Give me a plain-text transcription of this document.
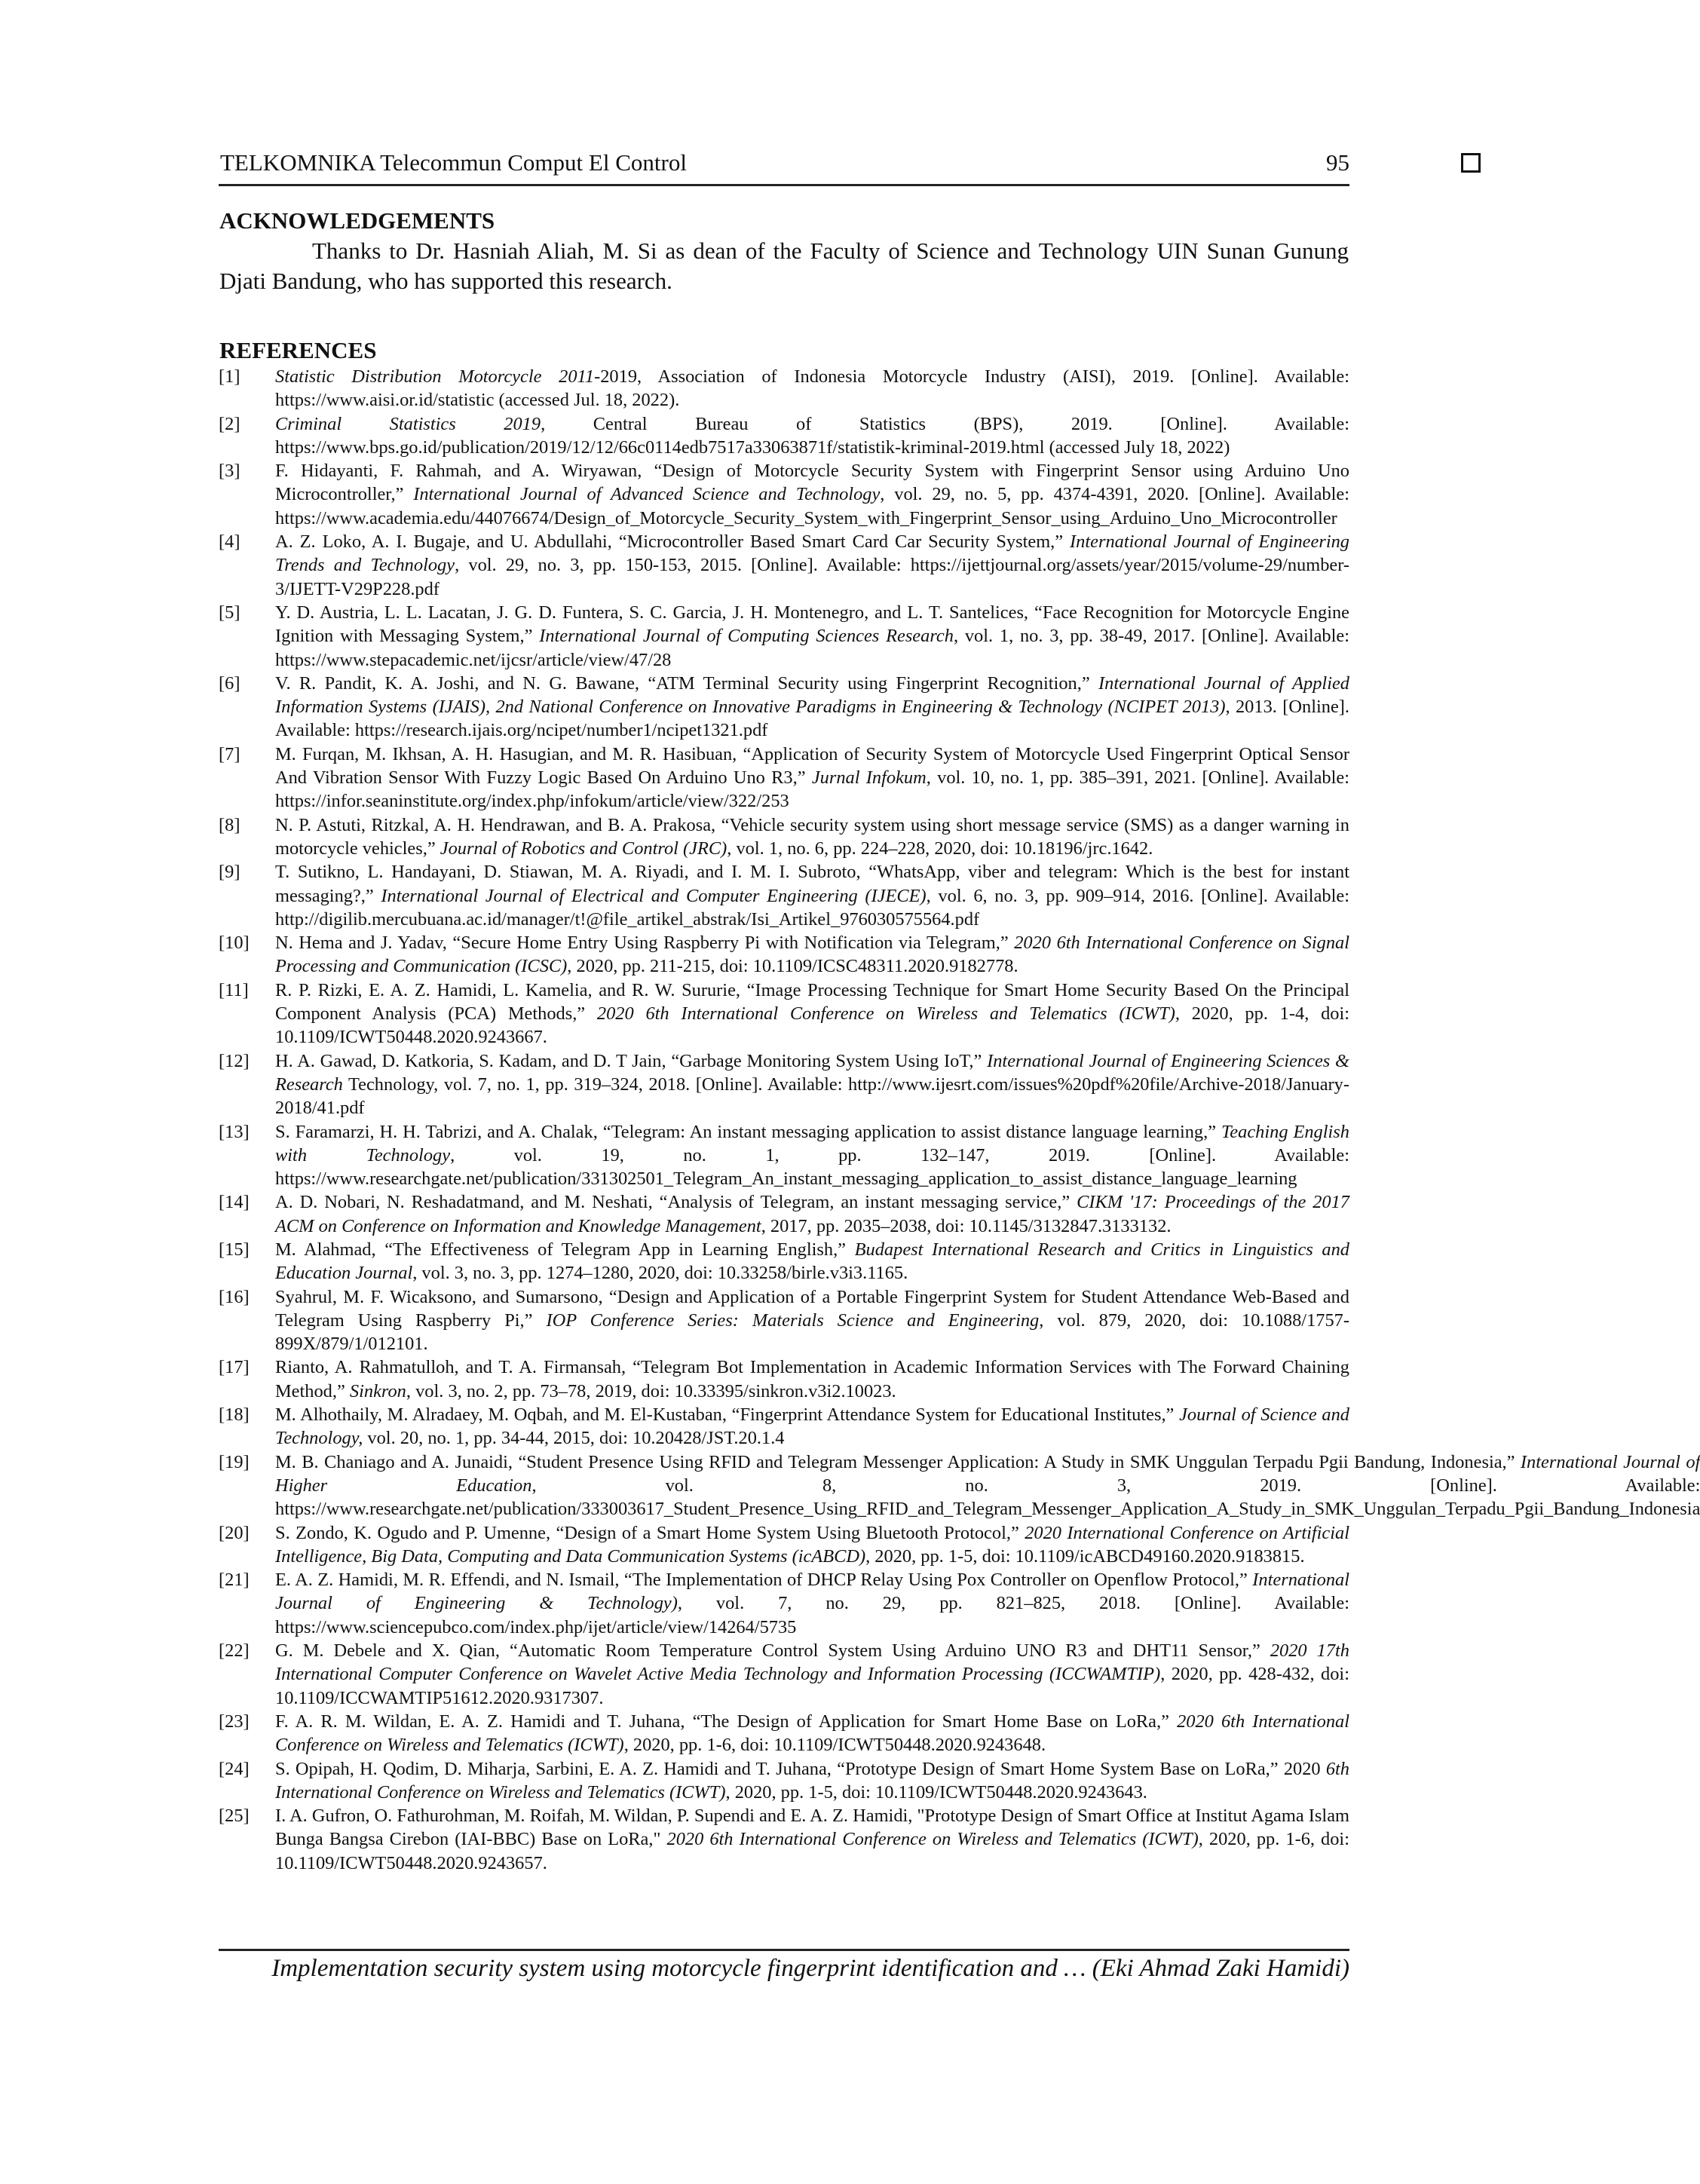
TELKOMNIKA Telecommun Comput El Control	95
ACKNOWLEDGEMENTS
Thanks to Dr. Hasniah Aliah, M. Si as dean of the Faculty of Science and Technology UIN Sunan Gunung Djati Bandung, who has supported this research.
REFERENCES
[1]	Statistic Distribution Motorcycle 2011-2019, Association of Indonesia Motorcycle Industry (AISI), 2019. [Online]. Available: https://www.aisi.or.id/statistic (accessed Jul. 18, 2022).
[2]	Criminal Statistics 2019, Central Bureau of Statistics (BPS), 2019. [Online]. Available: https://www.bps.go.id/publication/2019/12/12/66c0114edb7517a33063871f/statistik-kriminal-2019.html (accessed July 18, 2022)
[3]	F. Hidayanti, F. Rahmah, and A. Wiryawan, “Design of Motorcycle Security System with Fingerprint Sensor using Arduino Uno Microcontroller,” International Journal of Advanced Science and Technology, vol. 29, no. 5, pp. 4374-4391, 2020. [Online]. Available: https://www.academia.edu/44076674/Design_of_Motorcycle_Security_System_with_Fingerprint_Sensor_using_Arduino_Uno_Microcontroller
[4]	A. Z. Loko, A. I. Bugaje, and U. Abdullahi, “Microcontroller Based Smart Card Car Security System,” International Journal of Engineering Trends and Technology, vol. 29, no. 3, pp. 150-153, 2015. [Online]. Available: https://ijettjournal.org/assets/year/2015/volume-29/number-3/IJETT-V29P228.pdf
[5]	Y. D. Austria, L. L. Lacatan, J. G. D. Funtera, S. C. Garcia, J. H. Montenegro, and L. T. Santelices, “Face Recognition for Motorcycle Engine Ignition with Messaging System,” International Journal of Computing Sciences Research, vol. 1, no. 3, pp. 38-49, 2017. [Online]. Available: https://www.stepacademic.net/ijcsr/article/view/47/28
[6]	V. R. Pandit, K. A. Joshi, and N. G. Bawane, “ATM Terminal Security using Fingerprint Recognition,” International Journal of Applied Information Systems (IJAIS), 2nd National Conference on Innovative Paradigms in Engineering & Technology (NCIPET 2013), 2013. [Online]. Available: https://research.ijais.org/ncipet/number1/ncipet1321.pdf
[7]	M. Furqan, M. Ikhsan, A. H. Hasugian, and M. R. Hasibuan, “Application of Security System of Motorcycle Used Fingerprint Optical Sensor And Vibration Sensor With Fuzzy Logic Based On Arduino Uno R3,” Jurnal Infokum, vol. 10, no. 1, pp. 385–391, 2021. [Online]. Available: https://infor.seaninstitute.org/index.php/infokum/article/view/322/253
[8]	N. P. Astuti, Ritzkal, A. H. Hendrawan, and B. A. Prakosa, “Vehicle security system using short message service (SMS) as a danger warning in motorcycle vehicles,” Journal of Robotics and Control (JRC), vol. 1, no. 6, pp. 224–228, 2020, doi: 10.18196/jrc.1642.
[9]	T. Sutikno, L. Handayani, D. Stiawan, M. A. Riyadi, and I. M. I. Subroto, “WhatsApp, viber and telegram: Which is the best for instant messaging?,” International Journal of Electrical and Computer Engineering (IJECE), vol. 6, no. 3, pp. 909–914, 2016. [Online]. Available: http://digilib.mercubuana.ac.id/manager/t!@file_artikel_abstrak/Isi_Artikel_976030575564.pdf
[10]	N. Hema and J. Yadav, “Secure Home Entry Using Raspberry Pi with Notification via Telegram,” 2020 6th International Conference on Signal Processing and Communication (ICSC), 2020, pp. 211-215, doi: 10.1109/ICSC48311.2020.9182778.
[11]	R. P. Rizki, E. A. Z. Hamidi, L. Kamelia, and R. W. Sururie, “Image Processing Technique for Smart Home Security Based On the Principal Component Analysis (PCA) Methods,” 2020 6th International Conference on Wireless and Telematics (ICWT), 2020, pp. 1-4, doi: 10.1109/ICWT50448.2020.9243667.
[12]	H. A. Gawad, D. Katkoria, S. Kadam, and D. T Jain, “Garbage Monitoring System Using IoT,” International Journal of Engineering Sciences & Research Technology, vol. 7, no. 1, pp. 319–324, 2018. [Online]. Available: http://www.ijesrt.com/issues%20pdf%20file/Archive-2018/January-2018/41.pdf
[13]	S. Faramarzi, H. H. Tabrizi, and A. Chalak, “Telegram: An instant messaging application to assist distance language learning,” Teaching English with Technology, vol. 19, no. 1, pp. 132–147, 2019. [Online]. Available: https://www.researchgate.net/publication/331302501_Telegram_An_instant_messaging_application_to_assist_distance_language_learning
[14]	A. D. Nobari, N. Reshadatmand, and M. Neshati, “Analysis of Telegram, an instant messaging service,” CIKM '17: Proceedings of the 2017 ACM on Conference on Information and Knowledge Management, 2017, pp. 2035–2038, doi: 10.1145/3132847.3133132.
[15]	M. Alahmad, “The Effectiveness of Telegram App in Learning English,” Budapest International Research and Critics in Linguistics and Education Journal, vol. 3, no. 3, pp. 1274–1280, 2020, doi: 10.33258/birle.v3i3.1165.
[16]	Syahrul, M. F. Wicaksono, and Sumarsono, “Design and Application of a Portable Fingerprint System for Student Attendance Web-Based and Telegram Using Raspberry Pi,” IOP Conference Series: Materials Science and Engineering, vol. 879, 2020, doi: 10.1088/1757-899X/879/1/012101.
[17]	Rianto, A. Rahmatulloh, and T. A. Firmansah, “Telegram Bot Implementation in Academic Information Services with The Forward Chaining Method,” Sinkron, vol. 3, no. 2, pp. 73–78, 2019, doi: 10.33395/sinkron.v3i2.10023.
[18]	M. Alhothaily, M. Alradaey, M. Oqbah, and M. El-Kustaban, “Fingerprint Attendance System for Educational Institutes,” Journal of Science and Technology, vol. 20, no. 1, pp. 34-44, 2015, doi: 10.20428/JST.20.1.4
[19]	M. B. Chaniago and A. Junaidi, “Student Presence Using RFID and Telegram Messenger Application: A Study in SMK Unggulan Terpadu Pgii Bandung, Indonesia,” International Journal of Higher Education, vol. 8, no. 3, 2019. [Online]. Available: https://www.researchgate.net/publication/333003617_Student_Presence_Using_RFID_and_Telegram_Messenger_Application_A_Study_in_SMK_Unggulan_Terpadu_Pgii_Bandung_Indonesia
[20]	S. Zondo, K. Ogudo and P. Umenne, “Design of a Smart Home System Using Bluetooth Protocol,” 2020 International Conference on Artificial Intelligence, Big Data, Computing and Data Communication Systems (icABCD), 2020, pp. 1-5, doi: 10.1109/icABCD49160.2020.9183815.
[21]	E. A. Z. Hamidi, M. R. Effendi, and N. Ismail, “The Implementation of DHCP Relay Using Pox Controller on Openflow Protocol,” International Journal of Engineering & Technology), vol. 7, no. 29, pp. 821–825, 2018. [Online]. Available: https://www.sciencepubco.com/index.php/ijet/article/view/14264/5735
[22]	G. M. Debele and X. Qian, “Automatic Room Temperature Control System Using Arduino UNO R3 and DHT11 Sensor,” 2020 17th International Computer Conference on Wavelet Active Media Technology and Information Processing (ICCWAMTIP), 2020, pp. 428-432, doi: 10.1109/ICCWAMTIP51612.2020.9317307.
[23]	F. A. R. M. Wildan, E. A. Z. Hamidi and T. Juhana, “The Design of Application for Smart Home Base on LoRa,” 2020 6th International Conference on Wireless and Telematics (ICWT), 2020, pp. 1-6, doi: 10.1109/ICWT50448.2020.9243648.
[24]	S. Opipah, H. Qodim, D. Miharja, Sarbini, E. A. Z. Hamidi and T. Juhana, “Prototype Design of Smart Home System Base on LoRa,” 2020 6th International Conference on Wireless and Telematics (ICWT), 2020, pp. 1-5, doi: 10.1109/ICWT50448.2020.9243643.
[25]	I. A. Gufron, O. Fathurohman, M. Roifah, M. Wildan, P. Supendi and E. A. Z. Hamidi, "Prototype Design of Smart Office at Institut Agama Islam Bunga Bangsa Cirebon (IAI-BBC) Base on LoRa," 2020 6th International Conference on Wireless and Telematics (ICWT), 2020, pp. 1-6, doi: 10.1109/ICWT50448.2020.9243657.
Implementation security system using motorcycle fingerprint identification and … (Eki Ahmad Zaki Hamidi)
